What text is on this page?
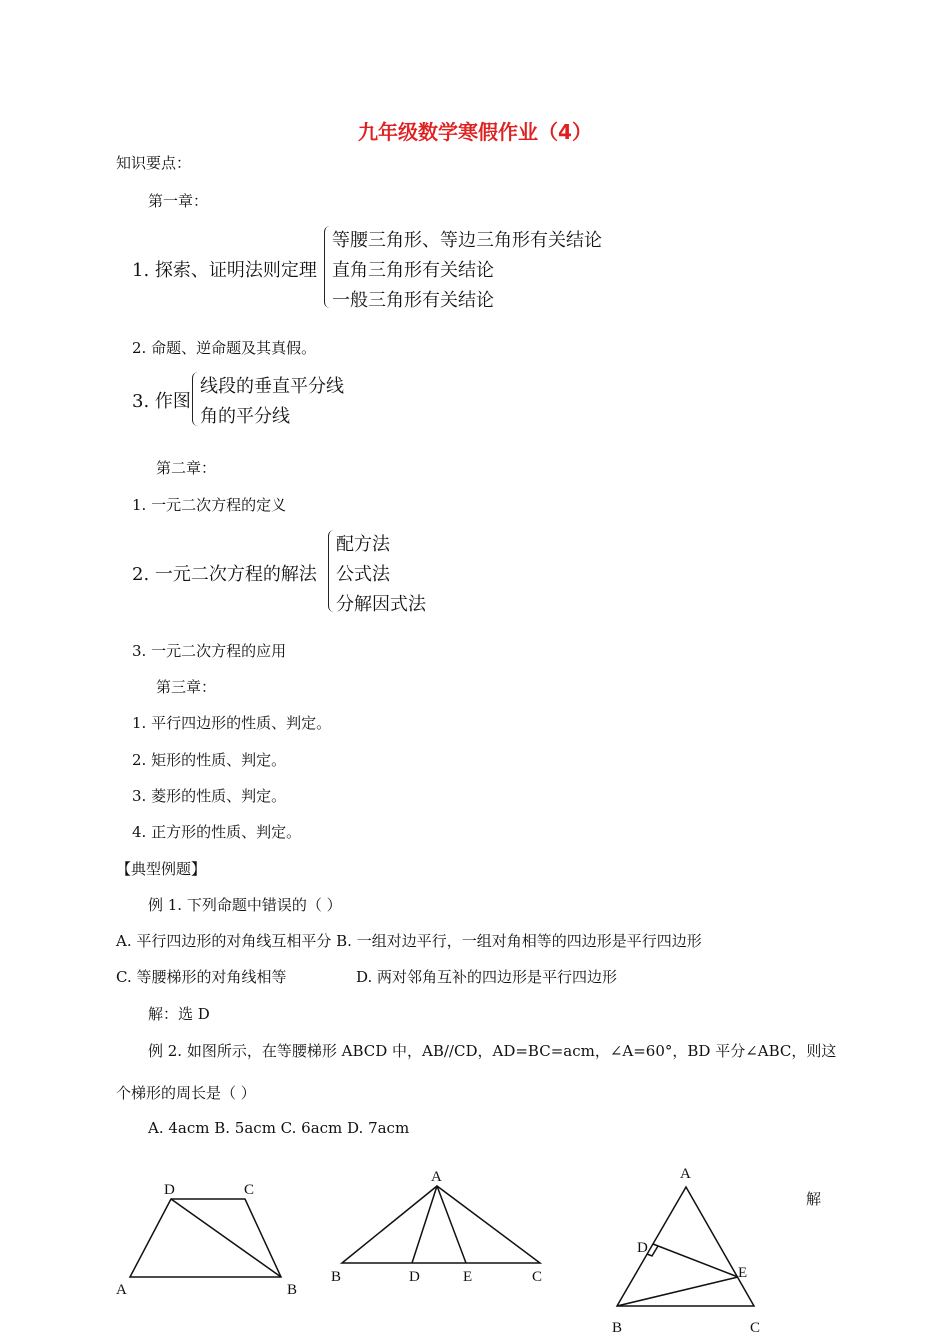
九年级数学寒假作业（4）
知识要点：
第一章：
1. 探索、证明法则定理
等腰三角形、等边三角形有关结论
直角三角形有关结论
一般三角形有关结论
2. 命题、逆命题及其真假。
3. 作图
线段的垂直平分线
角的平分线
第二章：
1. 一元二次方程的定义
2. 一元二次方程的解法
配方法
公式法
分解因式法
3. 一元二次方程的应用
第三章：
1. 平行四边形的性质、判定。
2. 矩形的性质、判定。
3. 菱形的性质、判定。
4. 正方形的性质、判定。
【典型例题】
例 1. 下列命题中错误的（ ）
A. 平行四边形的对角线互相平分 B. 一组对边平行，一组对角相等的四边形是平行四边形
C. 等腰梯形的对角线相等	D. 两对邻角互补的四边形是平行四边形
解：选 D
例 2. 如图所示，在等腰梯形 ABCD 中，AB//CD，AD=BC=acm，∠A=60°，BD 平分∠ABC，则这
个梯形的周长是（ ）
A. 4acm B. 5acm C. 6acm D. 7acm
D	C
A	B
A
B	D	E	C
A
D
E
B	C
解
